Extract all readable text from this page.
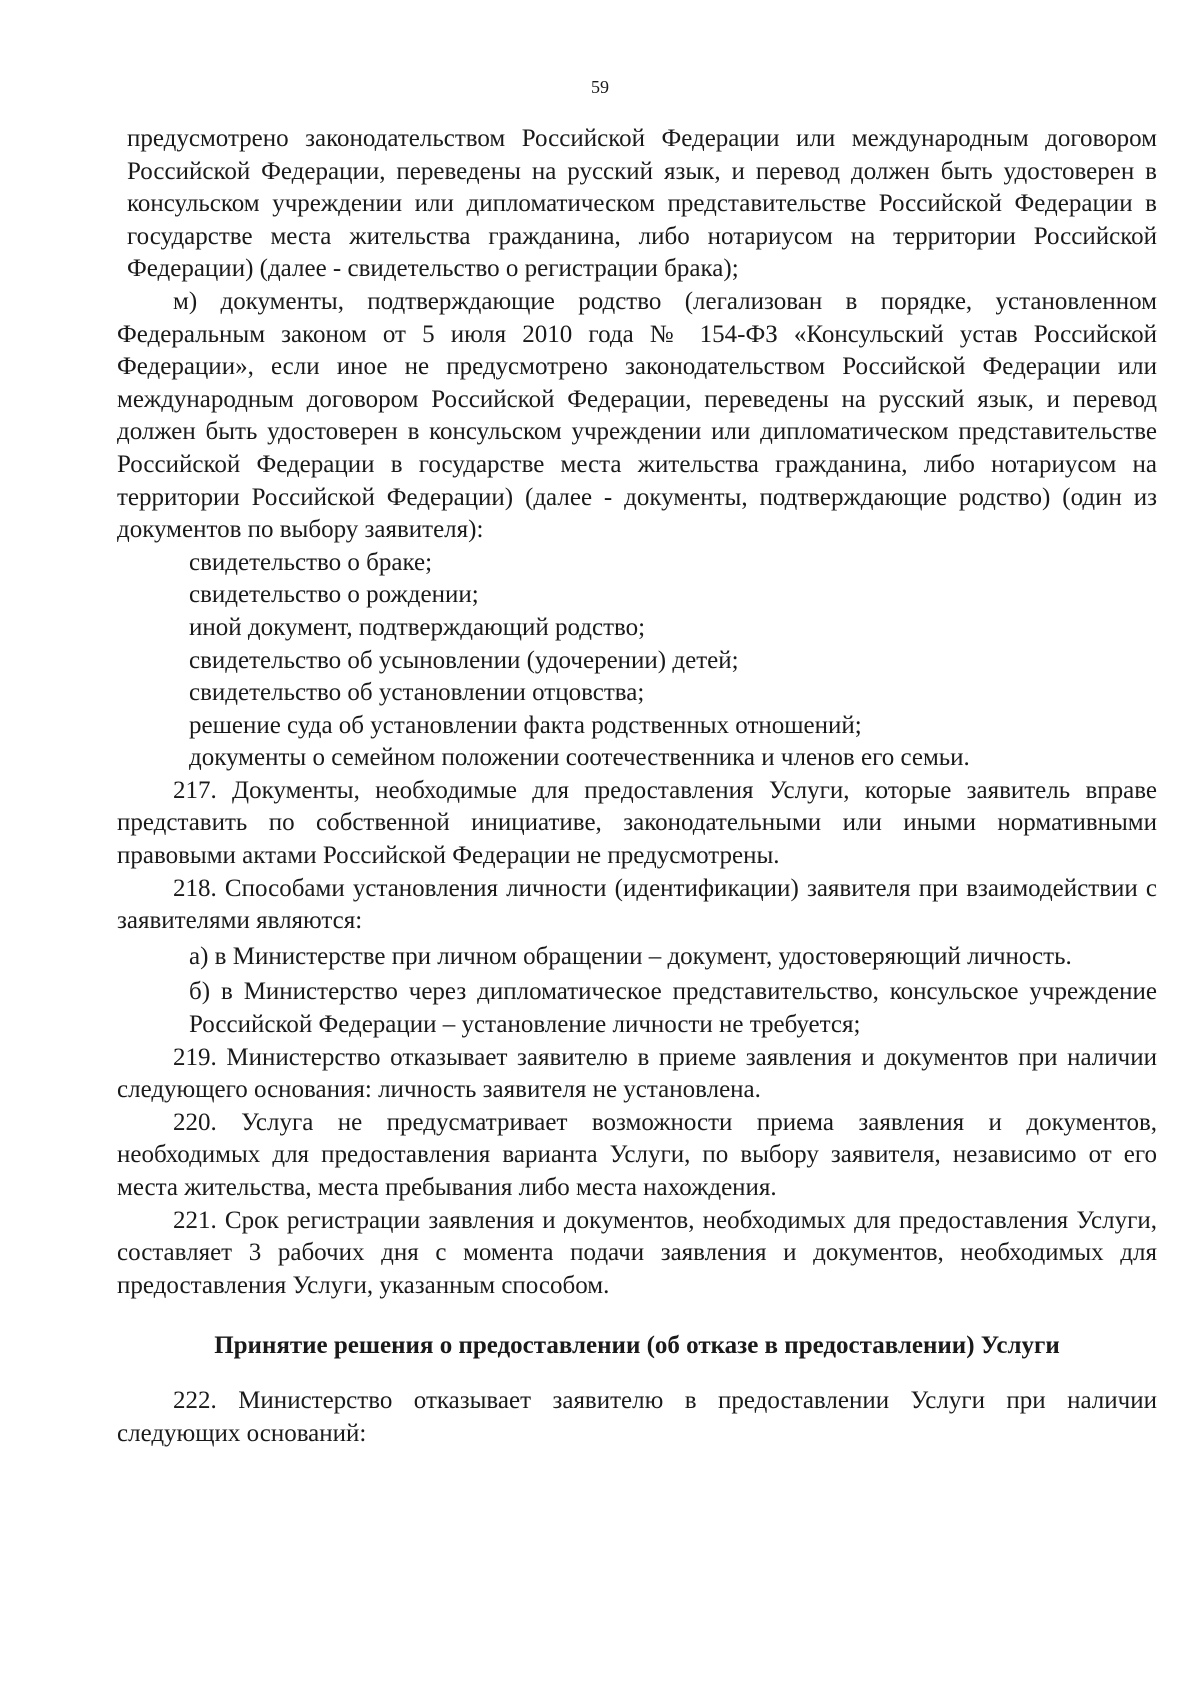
59

предусмотрено законодательством Российской Федерации или международным договором Российской Федерации, переведены на русский язык, и перевод должен быть удостоверен в консульском учреждении или дипломатическом представительстве Российской Федерации в государстве места жительства гражданина, либо нотариусом на территории Российской Федерации) (далее - свидетельство о регистрации брака);

м) документы, подтверждающие родство (легализован в порядке, установленном Федеральным законом от 5 июля 2010 года № 154-ФЗ «Консульский устав Российской Федерации», если иное не предусмотрено законодательством Российской Федерации или международным договором Российской Федерации, переведены на русский язык, и перевод должен быть удостоверен в консульском учреждении или дипломатическом представительстве Российской Федерации в государстве места жительства гражданина, либо нотариусом на территории Российской Федерации) (далее - документы, подтверждающие родство) (один из документов по выбору заявителя):

свидетельство о браке;

свидетельство о рождении;

иной документ, подтверждающий родство;

свидетельство об усыновлении (удочерении) детей;

свидетельство об установлении отцовства;

решение суда об установлении факта родственных отношений;

документы о семейном положении соотечественника и членов его семьи.

217. Документы, необходимые для предоставления Услуги, которые заявитель вправе представить по собственной инициативе, законодательными или иными нормативными правовыми актами Российской Федерации не предусмотрены.

218. Способами установления личности (идентификации) заявителя при взаимодействии с заявителями являются:

а) в Министерстве при личном обращении – документ, удостоверяющий личность.

б) в Министерство через дипломатическое представительство, консульское учреждение Российской Федерации – установление личности не требуется;

219. Министерство отказывает заявителю в приеме заявления и документов при наличии следующего основания: личность заявителя не установлена.

220. Услуга не предусматривает возможности приема заявления и документов, необходимых для предоставления варианта Услуги, по выбору заявителя, независимо от его места жительства, места пребывания либо места нахождения.

221. Срок регистрации заявления и документов, необходимых для предоставления Услуги, составляет 3 рабочих дня с момента подачи заявления и документов, необходимых для предоставления Услуги, указанным способом.

Принятие решения о предоставлении (об отказе в предоставлении) Услуги

222. Министерство отказывает заявителю в предоставлении Услуги при наличии следующих оснований:
